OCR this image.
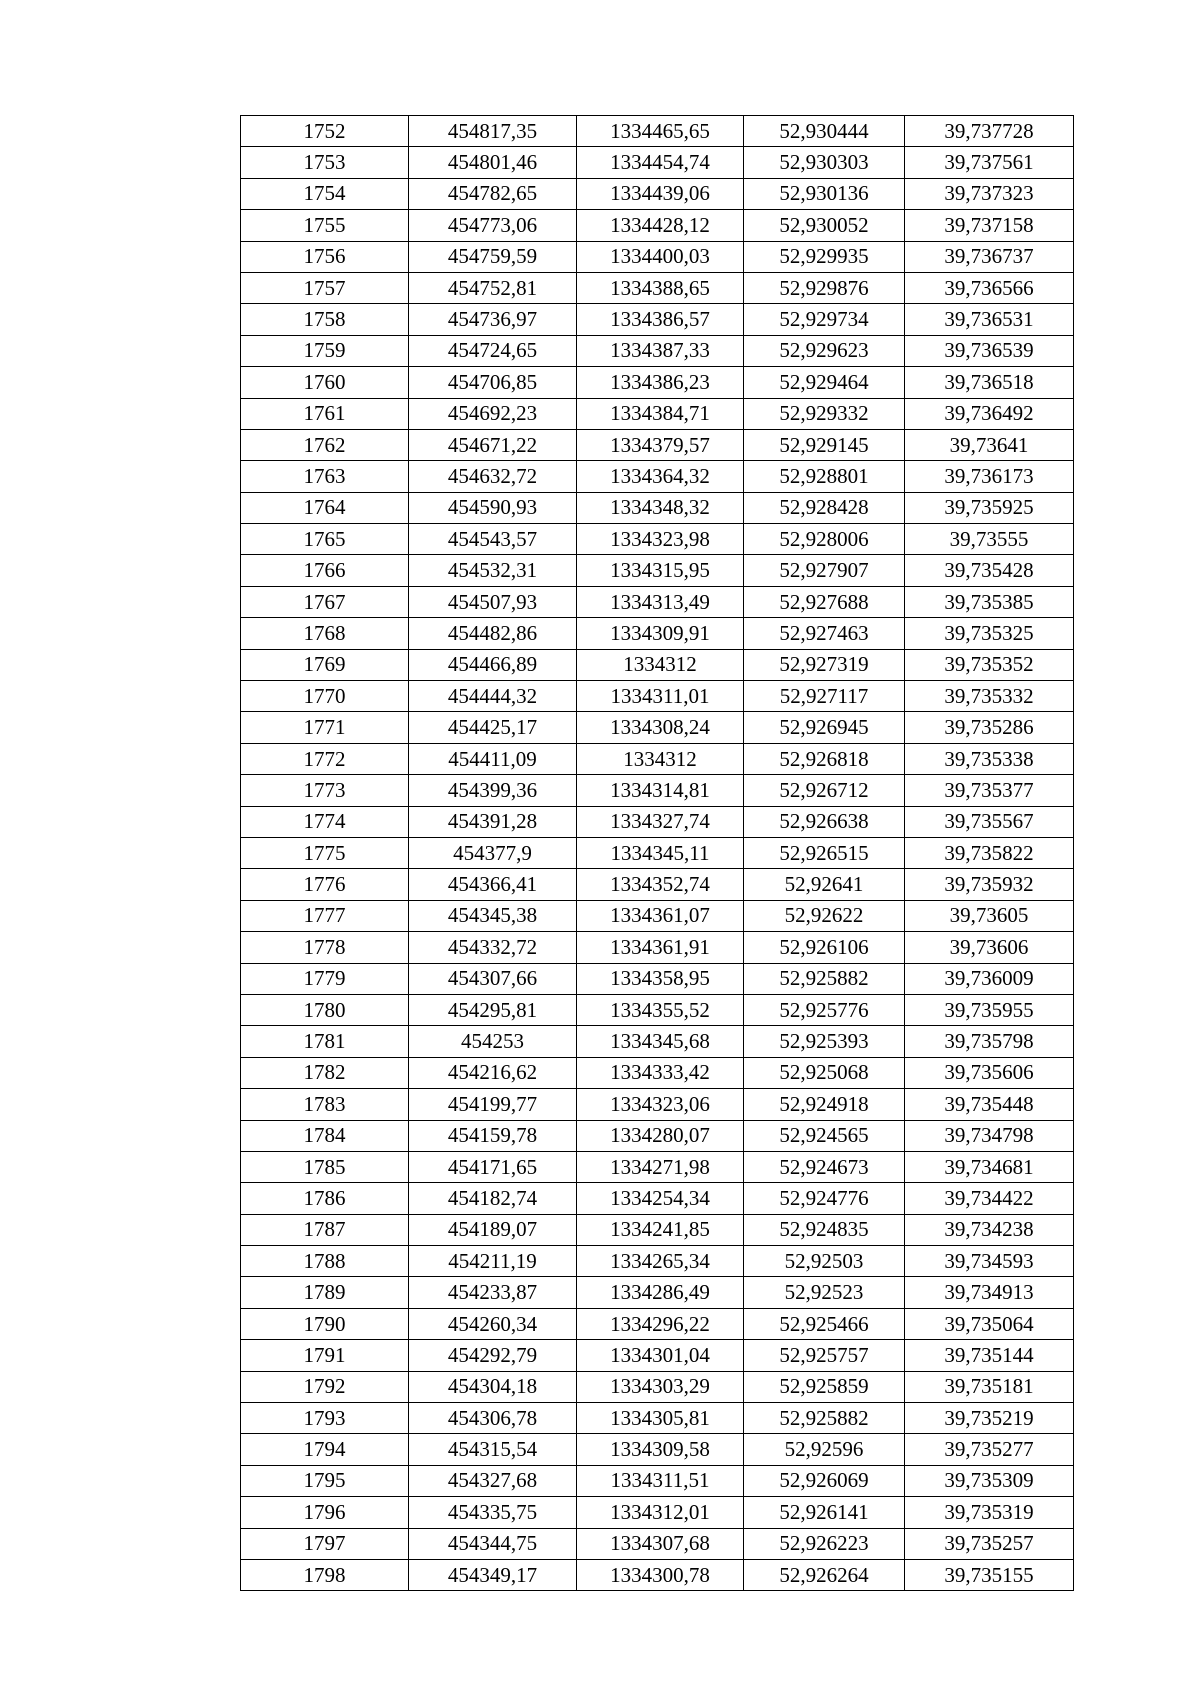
1752	454817,35	1334465,65	52,930444	39,737728
1753	454801,46	1334454,74	52,930303	39,737561
1754	454782,65	1334439,06	52,930136	39,737323
1755	454773,06	1334428,12	52,930052	39,737158
1756	454759,59	1334400,03	52,929935	39,736737
1757	454752,81	1334388,65	52,929876	39,736566
1758	454736,97	1334386,57	52,929734	39,736531
1759	454724,65	1334387,33	52,929623	39,736539
1760	454706,85	1334386,23	52,929464	39,736518
1761	454692,23	1334384,71	52,929332	39,736492
1762	454671,22	1334379,57	52,929145	39,73641
1763	454632,72	1334364,32	52,928801	39,736173
1764	454590,93	1334348,32	52,928428	39,735925
1765	454543,57	1334323,98	52,928006	39,73555
1766	454532,31	1334315,95	52,927907	39,735428
1767	454507,93	1334313,49	52,927688	39,735385
1768	454482,86	1334309,91	52,927463	39,735325
1769	454466,89	1334312	52,927319	39,735352
1770	454444,32	1334311,01	52,927117	39,735332
1771	454425,17	1334308,24	52,926945	39,735286
1772	454411,09	1334312	52,926818	39,735338
1773	454399,36	1334314,81	52,926712	39,735377
1774	454391,28	1334327,74	52,926638	39,735567
1775	454377,9	1334345,11	52,926515	39,735822
1776	454366,41	1334352,74	52,92641	39,735932
1777	454345,38	1334361,07	52,92622	39,73605
1778	454332,72	1334361,91	52,926106	39,73606
1779	454307,66	1334358,95	52,925882	39,736009
1780	454295,81	1334355,52	52,925776	39,735955
1781	454253	1334345,68	52,925393	39,735798
1782	454216,62	1334333,42	52,925068	39,735606
1783	454199,77	1334323,06	52,924918	39,735448
1784	454159,78	1334280,07	52,924565	39,734798
1785	454171,65	1334271,98	52,924673	39,734681
1786	454182,74	1334254,34	52,924776	39,734422
1787	454189,07	1334241,85	52,924835	39,734238
1788	454211,19	1334265,34	52,92503	39,734593
1789	454233,87	1334286,49	52,92523	39,734913
1790	454260,34	1334296,22	52,925466	39,735064
1791	454292,79	1334301,04	52,925757	39,735144
1792	454304,18	1334303,29	52,925859	39,735181
1793	454306,78	1334305,81	52,925882	39,735219
1794	454315,54	1334309,58	52,92596	39,735277
1795	454327,68	1334311,51	52,926069	39,735309
1796	454335,75	1334312,01	52,926141	39,735319
1797	454344,75	1334307,68	52,926223	39,735257
1798	454349,17	1334300,78	52,926264	39,735155
